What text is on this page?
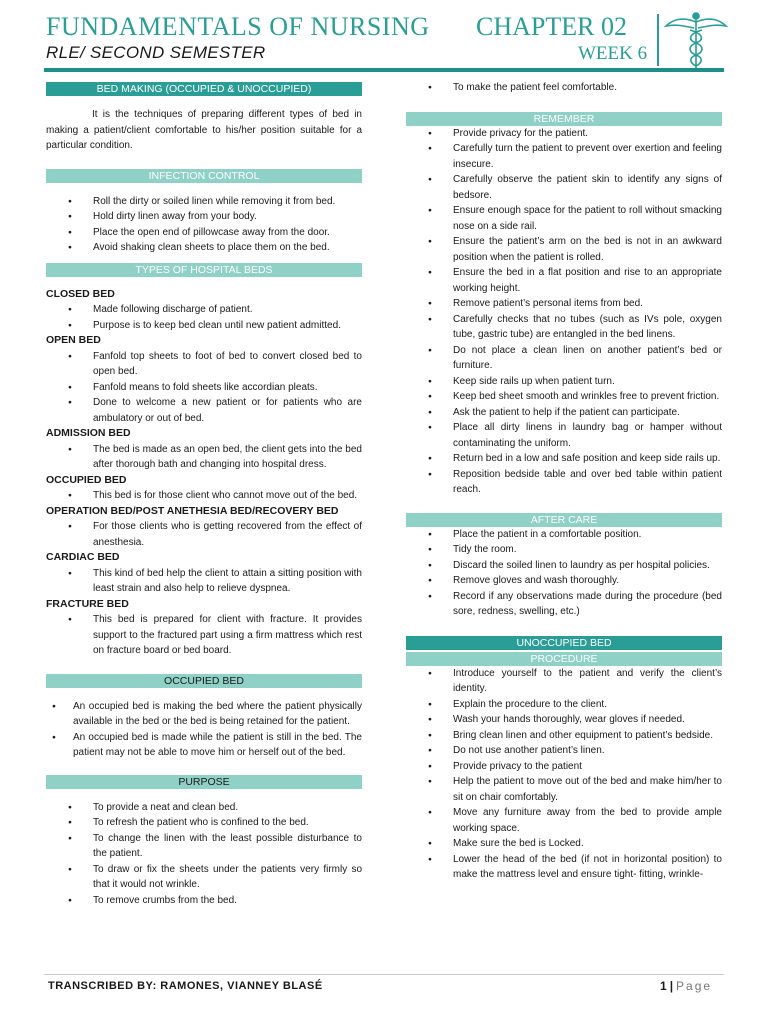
FUNDAMENTALS OF NURSING CHAPTER 02
RLE/ SECOND SEMESTER	WEEK 6
BED MAKING (OCCUPIED & UNOCCUPIED)

It is the techniques of preparing different types of bed in making a patient/client comfortable to his/her position suitable for a particular condition.

INFECTION CONTROL
● Roll the dirty or soiled linen while removing it from bed.
● Hold dirty linen away from your body.
● Place the open end of pillowcase away from the door.
● Avoid shaking clean sheets to place them on the bed.
TYPES OF HOSPITAL BEDS
CLOSED BED
● Made following discharge of patient.
● Purpose is to keep bed clean until new patient admitted.
OPEN BED
● Fanfold top sheets to foot of bed to convert closed bed to open bed.
● Fanfold means to fold sheets like accordian pleats.
● Done to welcome a new patient or for patients who are ambulatory or out of bed.
ADMISSION BED
● The bed is made as an open bed, the client gets into the bed after thorough bath and changing into hospital dress.
OCCUPIED BED
● This bed is for those client who cannot move out of the bed.
OPERATION BED/POST ANETHESIA BED/RECOVERY BED
● For those clients who is getting recovered from the effect of anesthesia.
CARDIAC BED
● This kind of bed help the client to attain a sitting position with least strain and also help to relieve dyspnea.
FRACTURE BED
● This bed is prepared for client with fracture. It provides support to the fractured part using a firm mattress which rest on fracture board or bed board.
OCCUPIED BED
● An occupied bed is making the bed where the patient physically available in the bed or the bed is being retained for the patient.
● An occupied bed is made while the patient is still in the bed. The patient may not be able to move him or herself out of the bed.
PURPOSE
● To provide a neat and clean bed.
● To refresh the patient who is confined to the bed.
● To change the linen with the least possible disturbance to the patient.
● To draw or fix the sheets under the patients very firmly so that it would not wrinkle.
● To remove crumbs from the bed.
● To make the patient feel comfortable.
REMEMBER
● Provide privacy for the patient.
● Carefully turn the patient to prevent over exertion and feeling insecure.
● Carefully observe the patient skin to identify any signs of bedsore.
● Ensure enough space for the patient to roll without smacking nose on a side rail.
● Ensure the patient’s arm on the bed is not in an awkward position when the patient is rolled.
● Ensure the bed in a flat position and rise to an appropriate working height.
● Remove patient’s personal items from bed.
● Carefully checks that no tubes (such as IVs pole, oxygen tube, gastric tube) are entangled in the bed linens.
● Do not place a clean linen on another patient’s bed or furniture.
● Keep side rails up when patient turn.
● Keep bed sheet smooth and wrinkles free to prevent friction.
● Ask the patient to help if the patient can participate.
● Place all dirty linens in laundry bag or hamper without contaminating the uniform.
● Return bed in a low and safe position and keep side rails up.
● Reposition bedside table and over bed table within patient reach.
AFTER CARE
● Place the patient in a comfortable position.
● Tidy the room.
● Discard the soiled linen to laundry as per hospital policies.
● Remove gloves and wash thoroughly.
● Record if any observations made during the procedure (bed sore, redness, swelling, etc.)
UNOCCUPIED BED
PROCEDURE
● Introduce yourself to the patient and verify the client’s identity.
● Explain the procedure to the client.
● Wash your hands thoroughly, wear gloves if needed.
● Bring clean linen and other equipment to patient’s bedside.
● Do not use another patient’s linen.
● Provide privacy to the patient
● Help the patient to move out of the bed and make him/her to sit on chair comfortably.
● Move any furniture away from the bed to provide ample working space.
● Make sure the bed is Locked.
● Lower the head of the bed (if not in horizontal position) to make the mattress level and ensure tight- fitting, wrinkle-
TRANSCRIBED BY: RAMONES, VIANNEY BLASÉ	1 | Page
